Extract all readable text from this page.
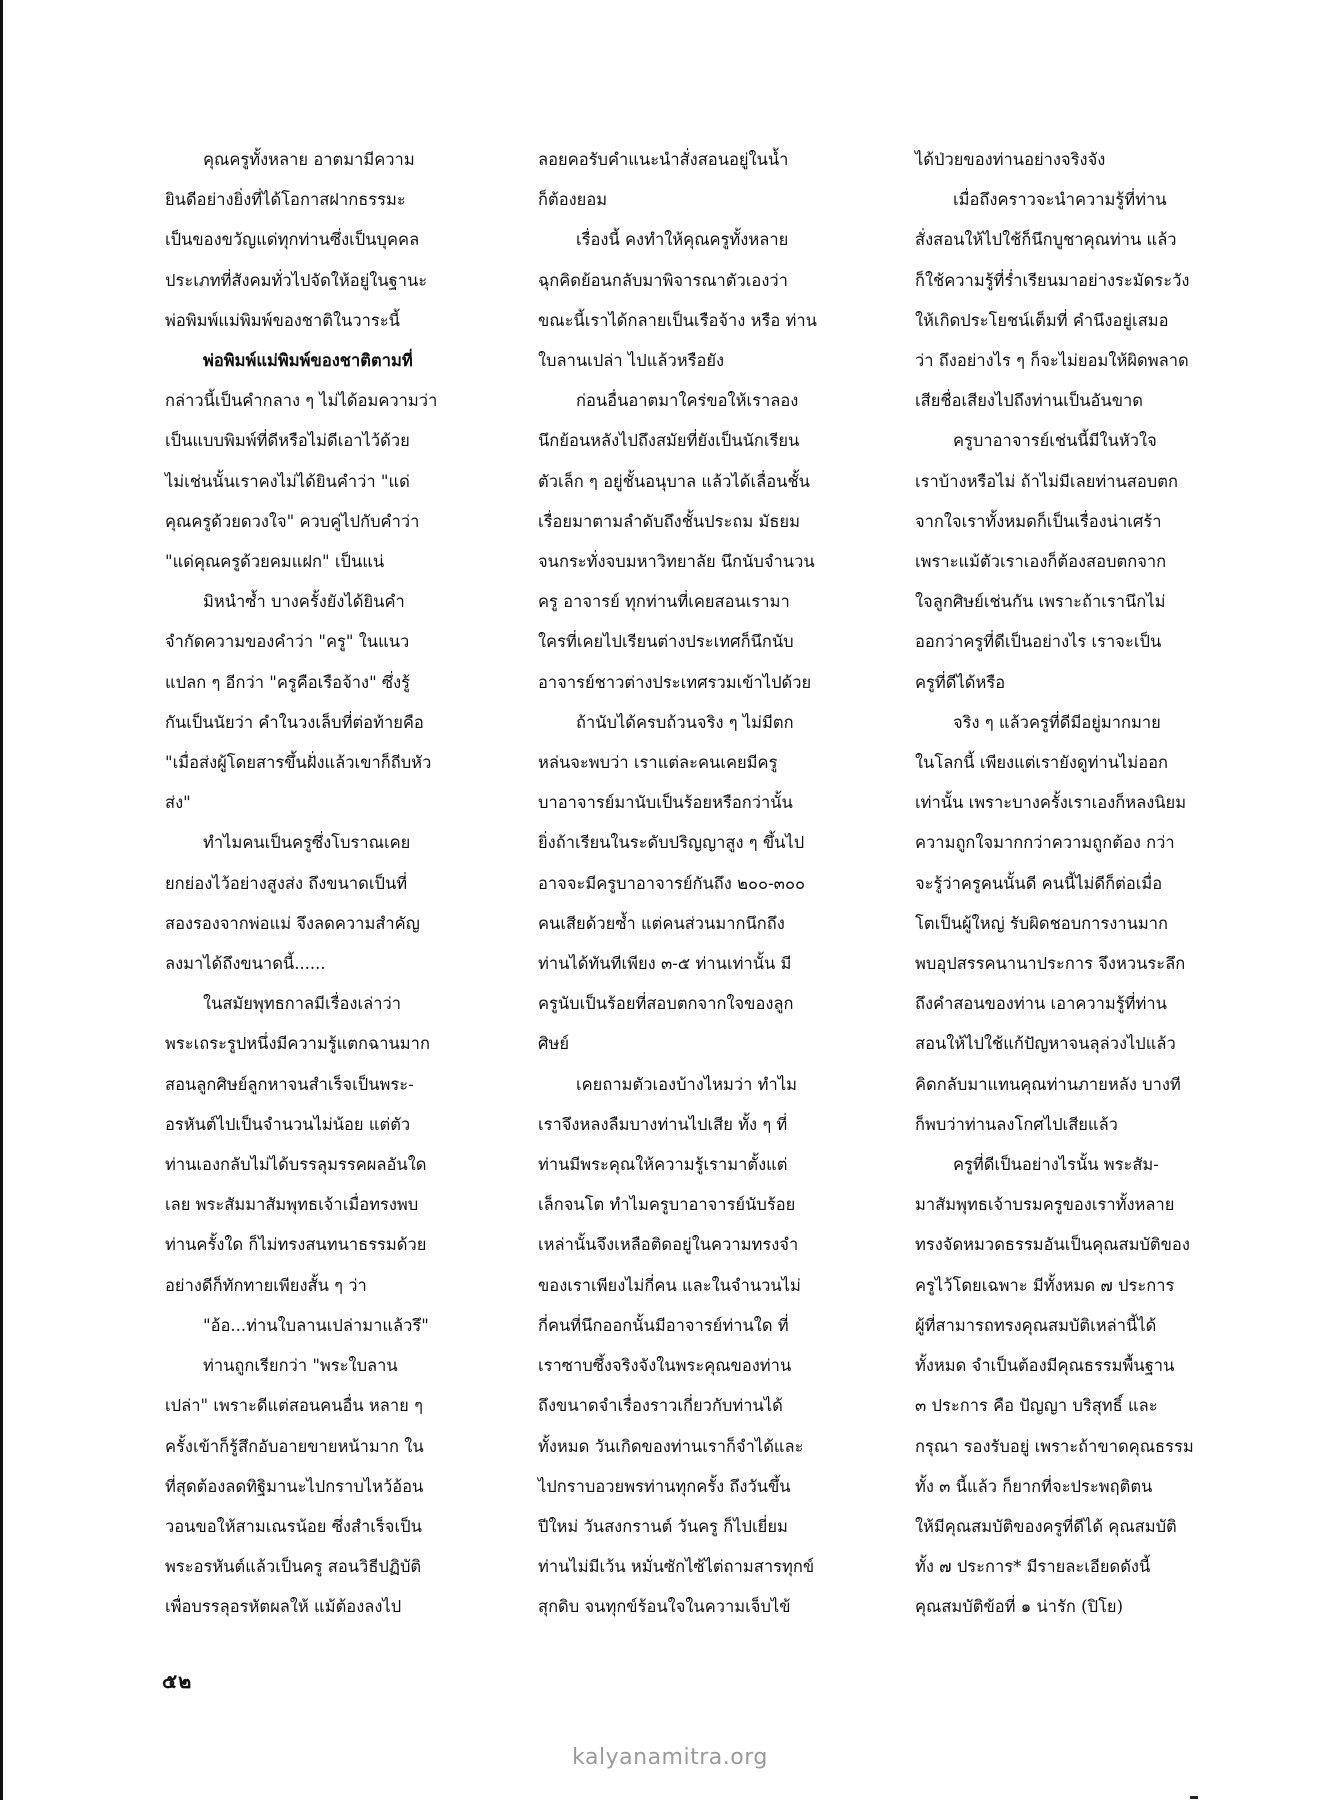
คุณครูทั้งหลาย อาตมามีความ

ยินดีอย่างยิ่งที่ได้โอกาสฝากธรรมะ

เป็นของขวัญแด่ทุกท่านซึ่งเป็นบุคคล

ประเภทที่สังคมทั่วไปจัดให้อยู่ในฐานะ

พ่อพิมพ์แม่พิมพ์ของชาติในวาระนี้

พ่อพิมพ์แม่พิมพ์ของชาติตามที่

กล่าวนี้เป็นคำกลาง ๆ ไม่ได้อมความว่า

เป็นแบบพิมพ์ที่ดีหรือไม่ดีเอาไว้ด้วย

ไม่เช่นนั้นเราคงไม่ได้ยินคำว่า "แด่

คุณครูด้วยดวงใจ" ควบคู่ไปกับคำว่า

"แด่คุณครูด้วยคมแฝก" เป็นแน่

มิหนำซ้ำ บางครั้งยังได้ยินคำ

จำกัดความของคำว่า "ครู" ในแนว

แปลก ๆ อีกว่า "ครูคือเรือจ้าง" ซึ่งรู้

กันเป็นนัยว่า คำในวงเล็บที่ต่อท้ายคือ

"เมื่อส่งผู้โดยสารขึ้นฝั่งแล้วเขาก็ถีบหัว

ส่ง"

ทำไมคนเป็นครูซึ่งโบราณเคย

ยกย่องไว้อย่างสูงส่ง ถึงขนาดเป็นที่

สองรองจากพ่อแม่ จึงลดความสำคัญ

ลงมาได้ถึงขนาดนี้......

ในสมัยพุทธกาลมีเรื่องเล่าว่า

พระเถระรูปหนึ่งมีความรู้แตกฉานมาก

สอนลูกศิษย์ลูกหาจนสำเร็จเป็นพระ-

อรหันต์ไปเป็นจำนวนไม่น้อย แต่ตัว

ท่านเองกลับไม่ได้บรรลุมรรคผลอันใด

เลย พระสัมมาสัมพุทธเจ้าเมื่อทรงพบ

ท่านครั้งใด ก็ไม่ทรงสนทนาธรรมด้วย

อย่างดีก็ทักทายเพียงสั้น ๆ ว่า

"อ้อ...ท่านใบลานเปล่ามาแล้วรึ"

ท่านถูกเรียกว่า "พระใบลาน

เปล่า" เพราะดีแต่สอนคนอื่น หลาย ๆ

ครั้งเข้าก็รู้สึกอับอายขายหน้ามาก ใน

ที่สุดต้องลดทิฐิมานะไปกราบไหว้อ้อน

วอนขอให้สามเณรน้อย ซึ่งสำเร็จเป็น

พระอรหันต์แล้วเป็นครู สอนวิธีปฏิบัติ

เพื่อบรรลุอรหัตผลให้ แม้ต้องลงไป

ลอยคอรับคำแนะนำสั่งสอนอยู่ในน้ำ

ก็ต้องยอม

เรื่องนี้ คงทำให้คุณครูทั้งหลาย

ฉุกคิดย้อนกลับมาพิจารณาตัวเองว่า

ขณะนี้เราได้กลายเป็นเรือจ้าง หรือ ท่าน

ใบลานเปล่า ไปแล้วหรือยัง

ก่อนอื่นอาตมาใคร่ขอให้เราลอง

นึกย้อนหลังไปถึงสมัยที่ยังเป็นนักเรียน

ตัวเล็ก ๆ อยู่ชั้นอนุบาล แล้วได้เลื่อนชั้น

เรื่อยมาตามลำดับถึงชั้นประถม มัธยม

จนกระทั่งจบมหาวิทยาลัย นึกนับจำนวน

ครู อาจารย์ ทุกท่านที่เคยสอนเรามา

ใครที่เคยไปเรียนต่างประเทศก็นึกนับ

อาจารย์ชาวต่างประเทศรวมเข้าไปด้วย

ถ้านับได้ครบถ้วนจริง ๆ ไม่มีตก

หล่นจะพบว่า เราแต่ละคนเคยมีครู

บาอาจารย์มานับเป็นร้อยหรือกว่านั้น

ยิ่งถ้าเรียนในระดับปริญญาสูง ๆ ขึ้นไป

อาจจะมีครูบาอาจารย์กันถึง ๒๐๐-๓๐๐

คนเสียด้วยซ้ำ แต่คนส่วนมากนึกถึง

ท่านได้ทันทีเพียง ๓-๕ ท่านเท่านั้น มี

ครูนับเป็นร้อยที่สอบตกจากใจของลูก

ศิษย์

เคยถามตัวเองบ้างไหมว่า ทำไม

เราจึงหลงลืมบางท่านไปเสีย ทั้ง ๆ ที่

ท่านมีพระคุณให้ความรู้เรามาตั้งแต่

เล็กจนโต ทำไมครูบาอาจารย์นับร้อย

เหล่านั้นจึงเหลือติดอยู่ในความทรงจำ

ของเราเพียงไม่กี่คน และในจำนวนไม่

กี่คนที่นึกออกนั้นมีอาจารย์ท่านใด ที่

เราซาบซึ้งจริงจังในพระคุณของท่าน

ถึงขนาดจำเรื่องราวเกี่ยวกับท่านได้

ทั้งหมด วันเกิดของท่านเราก็จำได้และ

ไปกราบอวยพรท่านทุกครั้ง ถึงวันขึ้น

ปีใหม่ วันสงกรานต์ วันครู ก็ไปเยี่ยม

ท่านไม่มีเว้น หมั่นซักไซ้ไต่ถามสารทุกข์

สุกดิบ จนทุกข์ร้อนใจในความเจ็บไข้

ได้ป่วยของท่านอย่างจริงจัง

เมื่อถึงคราวจะนำความรู้ที่ท่าน

สั่งสอนให้ไปใช้ก็นึกบูชาคุณท่าน แล้ว

ก็ใช้ความรู้ที่ร่ำเรียนมาอย่างระมัดระวัง

ให้เกิดประโยชน์เต็มที่ คำนึงอยู่เสมอ

ว่า ถึงอย่างไร ๆ ก็จะไม่ยอมให้ผิดพลาด

เสียชื่อเสียงไปถึงท่านเป็นอันขาด

ครูบาอาจารย์เช่นนี้มีในหัวใจ

เราบ้างหรือไม่ ถ้าไม่มีเลยท่านสอบตก

จากใจเราทั้งหมดก็เป็นเรื่องน่าเศร้า

เพราะแม้ตัวเราเองก็ต้องสอบตกจาก

ใจลูกศิษย์เช่นกัน เพราะถ้าเรานึกไม่

ออกว่าครูที่ดีเป็นอย่างไร เราจะเป็น

ครูที่ดีได้หรือ

จริง ๆ แล้วครูที่ดีมีอยู่มากมาย

ในโลกนี้ เพียงแต่เรายังดูท่านไม่ออก

เท่านั้น เพราะบางครั้งเราเองก็หลงนิยม

ความถูกใจมากกว่าความถูกต้อง กว่า

จะรู้ว่าครูคนนั้นดี คนนี้ไม่ดีก็ต่อเมื่อ

โตเป็นผู้ใหญ่ รับผิดชอบการงานมาก

พบอุปสรรคนานาประการ จึงหวนระลึก

ถึงคำสอนของท่าน เอาความรู้ที่ท่าน

สอนให้ไปใช้แก้ปัญหาจนลุล่วงไปแล้ว

คิดกลับมาแทนคุณท่านภายหลัง บางที

ก็พบว่าท่านลงโกศไปเสียแล้ว

ครูที่ดีเป็นอย่างไรนั้น พระสัม-

มาสัมพุทธเจ้าบรมครูของเราทั้งหลาย

ทรงจัดหมวดธรรมอันเป็นคุณสมบัติของ

ครูไว้โดยเฉพาะ มีทั้งหมด ๗ ประการ

ผู้ที่สามารถทรงคุณสมบัติเหล่านี้ได้

ทั้งหมด จำเป็นต้องมีคุณธรรมพื้นฐาน

๓ ประการ คือ ปัญญา บริสุทธิ์ และ

กรุณา รองรับอยู่ เพราะถ้าขาดคุณธรรม

ทั้ง ๓ นี้แล้ว ก็ยากที่จะประพฤติตน

ให้มีคุณสมบัติของครูที่ดีได้ คุณสมบัติ

ทั้ง ๗ ประการ* มีรายละเอียดดังนี้

คุณสมบัติข้อที่ ๑ น่ารัก (ปิโย)

๕๒
kalyanamitra.org
